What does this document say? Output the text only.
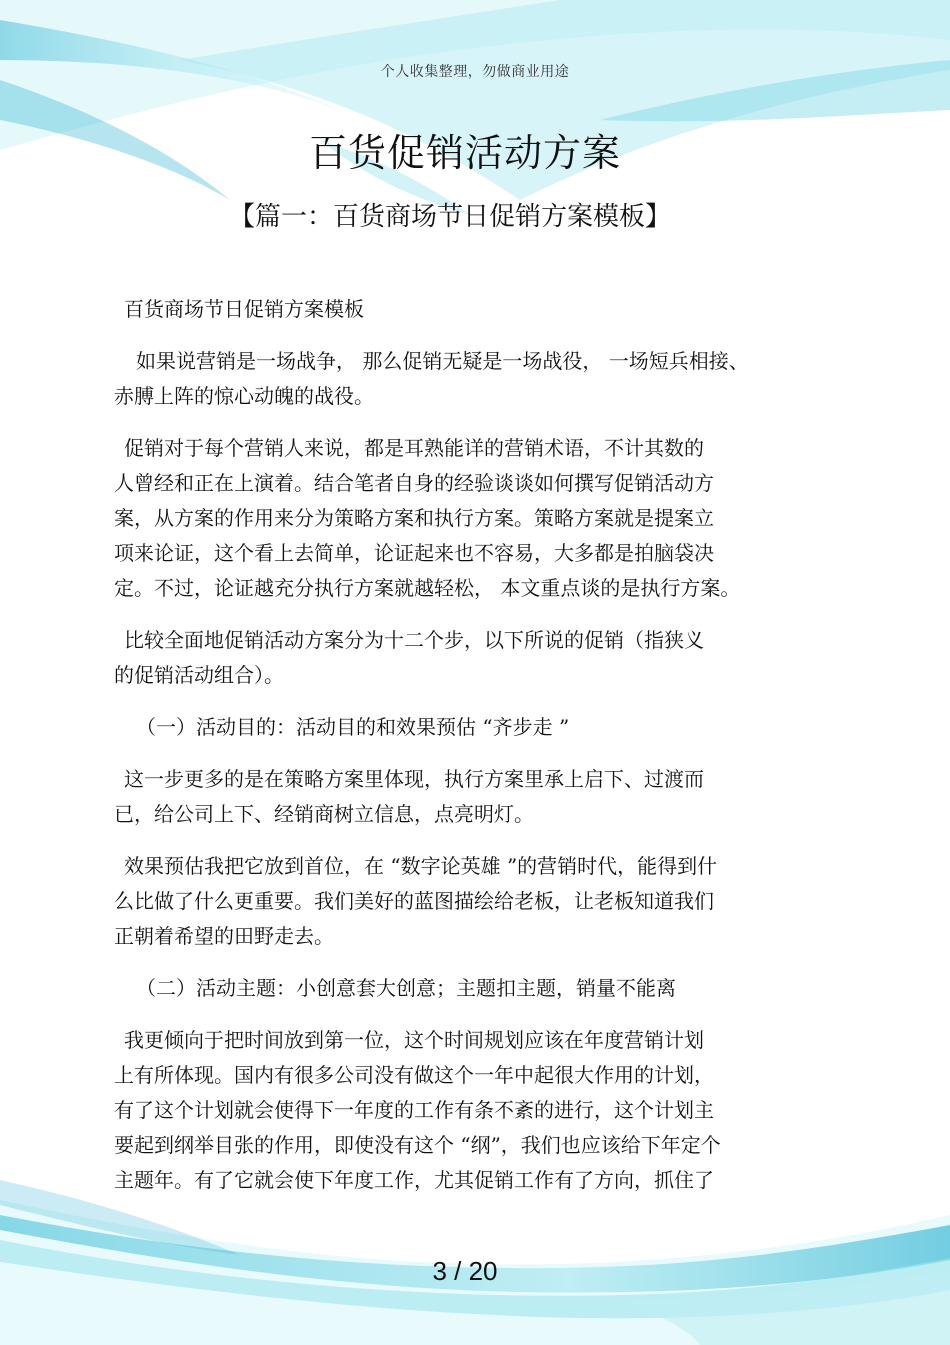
个人收集整理，勿做商业用途
百货促销活动方案
【篇一：百货商场节日促销方案模板】

百货商场节日促销方案模板

如果说营销是一场战争， 那么促销无疑是一场战役， 一场短兵相接、
赤膊上阵的惊心动魄的战役。

促销对于每个营销人来说，都是耳熟能详的营销术语，不计其数的
人曾经和正在上演着。结合笔者自身的经验谈谈如何撰写促销活动方
案，从方案的作用来分为策略方案和执行方案。策略方案就是提案立
项来论证，这个看上去简单，论证起来也不容易，大多都是拍脑袋决
定。不过，论证越充分执行方案就越轻松， 本文重点谈的是执行方案。

比较全面地促销活动方案分为十二个步，以下所说的促销（指狭义
的促销活动组合）。

（一）活动目的：活动目的和效果预估 “齐步走 ”

这一步更多的是在策略方案里体现，执行方案里承上启下、过渡而
已，给公司上下、经销商树立信息，点亮明灯。

效果预估我把它放到首位，在 “数字论英雄 ”的营销时代，能得到什
么比做了什么更重要。我们美好的蓝图描绘给老板，让老板知道我们
正朝着希望的田野走去。

（二）活动主题：小创意套大创意；主题扣主题，销量不能离

我更倾向于把时间放到第一位，这个时间规划应该在年度营销计划
上有所体现。国内有很多公司没有做这个一年中起很大作用的计划，
有了这个计划就会使得下一年度的工作有条不紊的进行，这个计划主
要起到纲举目张的作用，即使没有这个 “纲”，我们也应该给下年定个
主题年。有了它就会使下年度工作，尤其促销工作有了方向，抓住了

3 / 20
